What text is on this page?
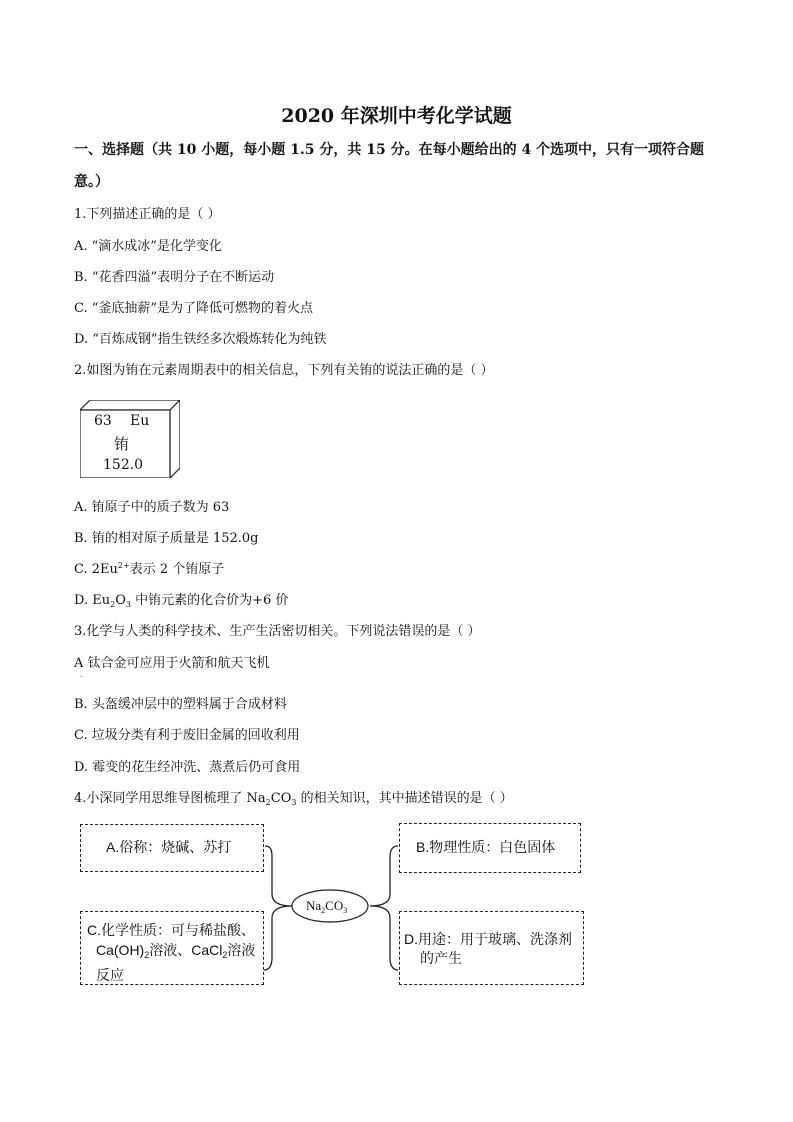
2020 年深圳中考化学试题
一、选择题（共 10 小题，每小题 1.5 分，共 15 分。在每小题给出的 4 个选项中，只有一项符合题意。）
1.下列描述正确的是（ ）
A. “滴水成冰”是化学变化
B. “花香四溢”表明分子在不断运动
C. “釜底抽薪”是为了降低可燃物的着火点
D. “百炼成钢”指生铁经多次煅炼转化为纯铁
2.如图为铕在元素周期表中的相关信息，下列有关铕的说法正确的是（ ）
63 Eu
铕
152.0
A. 铕原子中的质子数为 63
B. 铕的相对原子质量是 152.0g
C. $2Eu^{2+}$表示 2 个铕原子
D. $Eu_2O_3$ 中铕元素的化合价为+6 价
3.化学与人类的科学技术、生产生活密切相关。下列说法错误的是（ ）
A 钛合金可应用于火箭和航天飞机
.
B. 头盔缓冲层中的塑料属于合成材料
C. 垃圾分类有利于废旧金属的回收利用
D. 霉变的花生经冲洗、蒸煮后仍可食用
4.小深同学用思维导图梳理了 $Na_2CO_3$ 的相关知识，其中描述错误的是（ ）
$Na_2CO_3$
A.俗称：烧碱、苏打	B.物理性质：白色固体
C.化学性质：可与稀盐酸、
$Ca(OH)_2$溶液、CaCl$_2$溶液
反应
D.用途：用于玻璃、洗涤剂
的产生
